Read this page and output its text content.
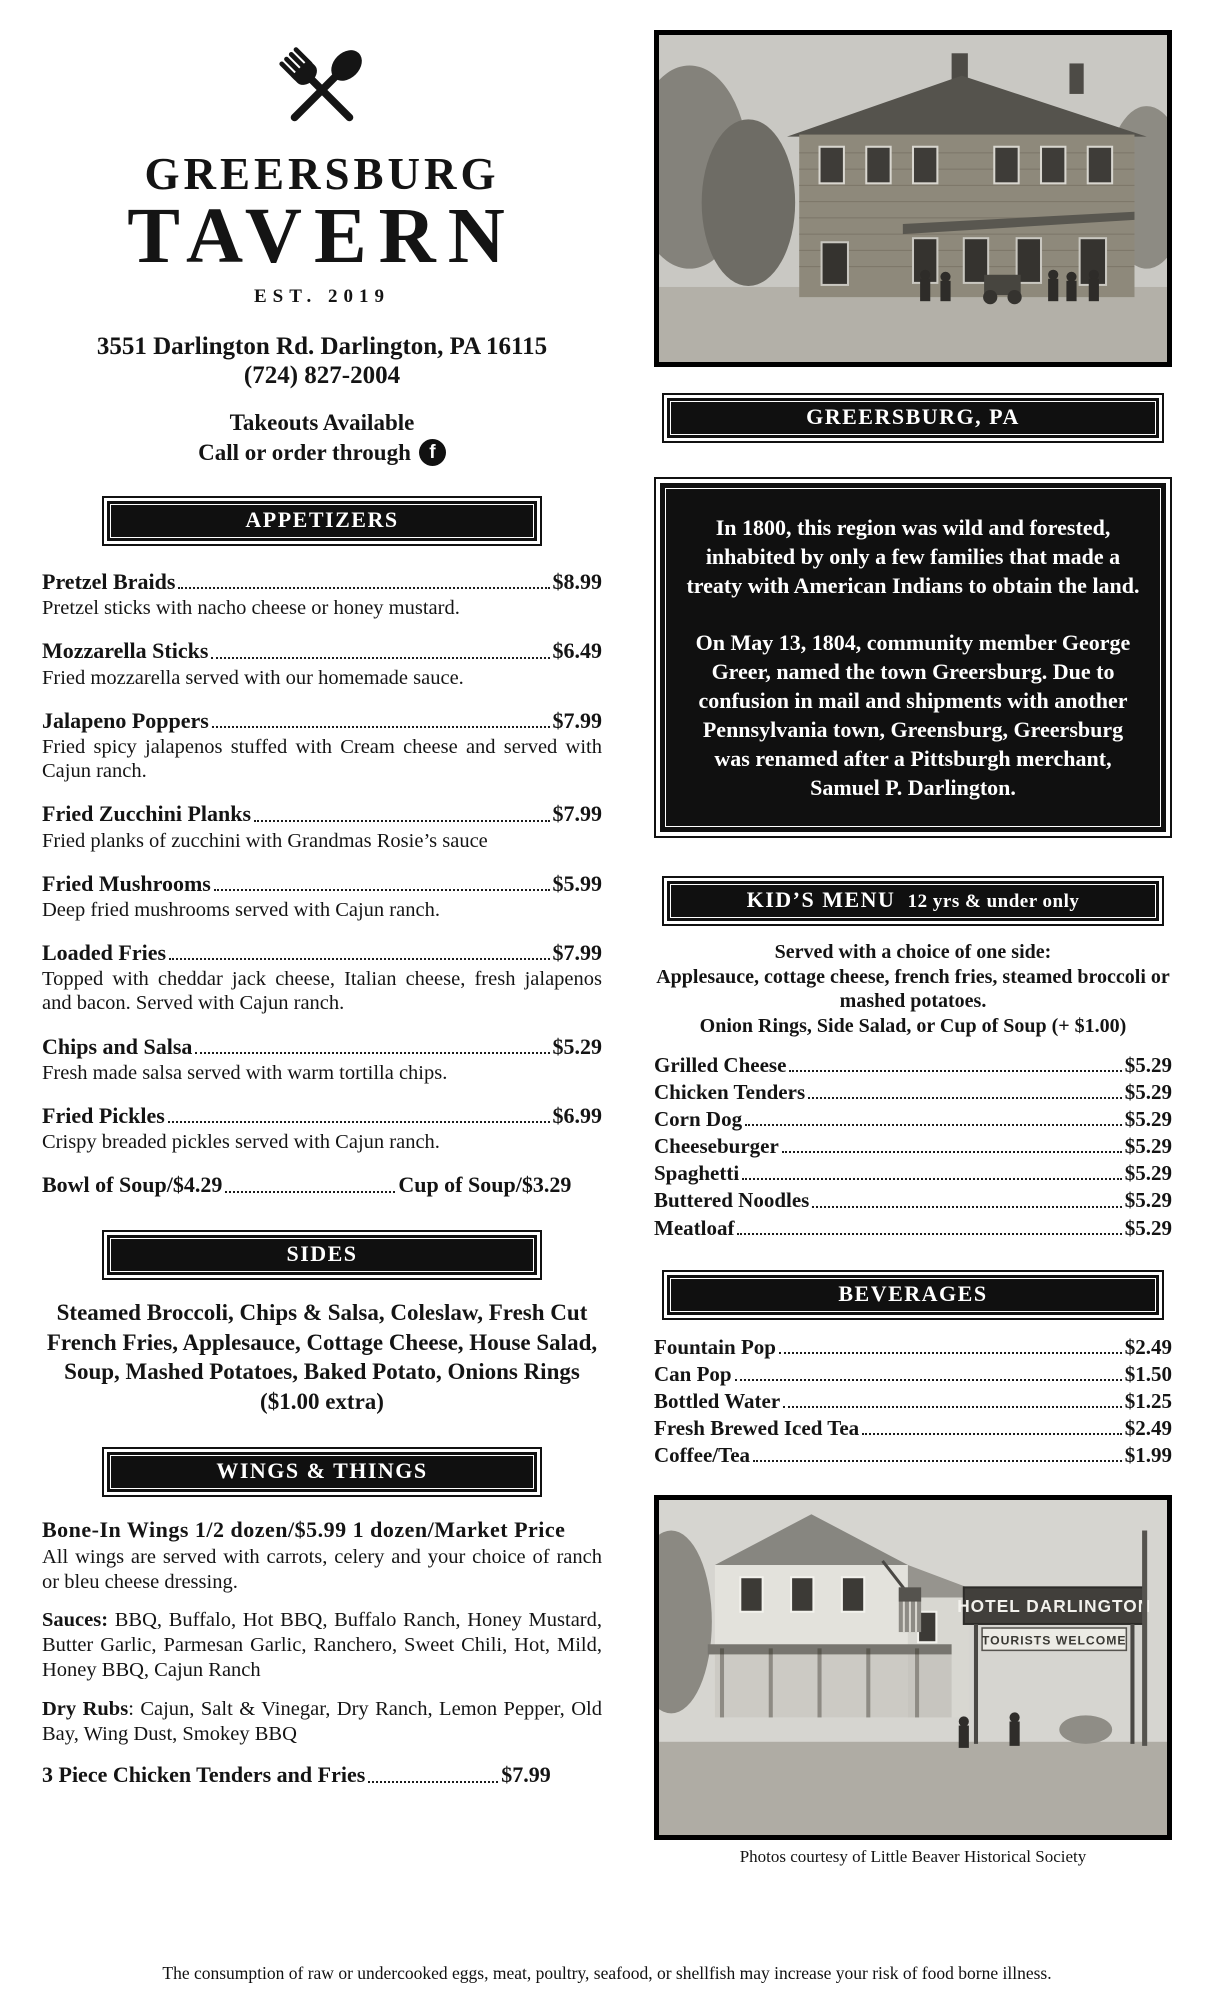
GREERSBURG
TAVERN
EST. 2019
3551 Darlington Rd. Darlington, PA 16115
(724) 827-2004
Takeouts Available
Call or order through f
APPETIZERS
Pretzel Braids	$8.99
Pretzel sticks with nacho cheese or honey mustard.
Mozzarella Sticks	$6.49
Fried mozzarella served with our homemade sauce.
Jalapeno Poppers	$7.99
Fried spicy jalapenos stuffed with Cream cheese and served with Cajun ranch.
Fried Zucchini Planks	$7.99
Fried planks of zucchini with Grandmas Rosie’s sauce
Fried Mushrooms	$5.99
Deep fried mushrooms served with Cajun ranch.
Loaded Fries	$7.99
Topped with cheddar jack cheese, Italian cheese, fresh jalapenos and bacon. Served with Cajun ranch.
Chips and Salsa	$5.29
Fresh made salsa served with warm tortilla chips.
Fried Pickles	$6.99
Crispy breaded pickles served with Cajun ranch.
Bowl of Soup/$4.29	Cup of Soup/$3.29
SIDES
Steamed Broccoli, Chips & Salsa, Coleslaw, Fresh Cut French Fries, Applesauce, Cottage Cheese, House Salad, Soup, Mashed Potatoes, Baked Potato, Onions Rings ($1.00 extra)
WINGS & THINGS
Bone-In Wings 1/2 dozen/$5.99 1 dozen/Market Price
All wings are served with carrots, celery and your choice of ranch or bleu cheese dressing.

Sauces: BBQ, Buffalo, Hot BBQ, Buffalo Ranch, Honey Mustard, Butter Garlic, Parmesan Garlic, Ranchero, Sweet Chili, Hot, Mild, Honey BBQ, Cajun Ranch

Dry Rubs: Cajun, Salt & Vinegar, Dry Ranch, Lemon Pepper, Old Bay, Wing Dust, Smokey BBQ

3 Piece Chicken Tenders and Fries	$7.99
GREERSBURG, PA

In 1800, this region was wild and forested, inhabited by only a few families that made a treaty with American Indians to obtain the land.

On May 13, 1804, community member George Greer, named the town Greersburg. Due to confusion in mail and shipments with another Pennsylvania town, Greensburg, Greersburg was renamed after a Pittsburgh merchant, Samuel P. Darlington.

KID’S MENU 12 yrs & under only
Served with a choice of one side:
Applesauce, cottage cheese, french fries, steamed broccoli or mashed potatoes.
Onion Rings, Side Salad, or Cup of Soup (+ $1.00)
Grilled Cheese	$5.29
Chicken Tenders	$5.29
Corn Dog	$5.29
Cheeseburger	$5.29
Spaghetti	$5.29
Buttered Noodles	$5.29
Meatloaf	$5.29
BEVERAGES
Fountain Pop	$2.49
Can Pop	$1.50
Bottled Water	$1.25
Fresh Brewed Iced Tea	$2.49
Coffee/Tea	$1.99
HOTEL DARLINGTON
TOURISTS WELCOME
Photos courtesy of Little Beaver Historical Society
The consumption of raw or undercooked eggs, meat, poultry, seafood, or shellfish may increase your risk of food borne illness.
